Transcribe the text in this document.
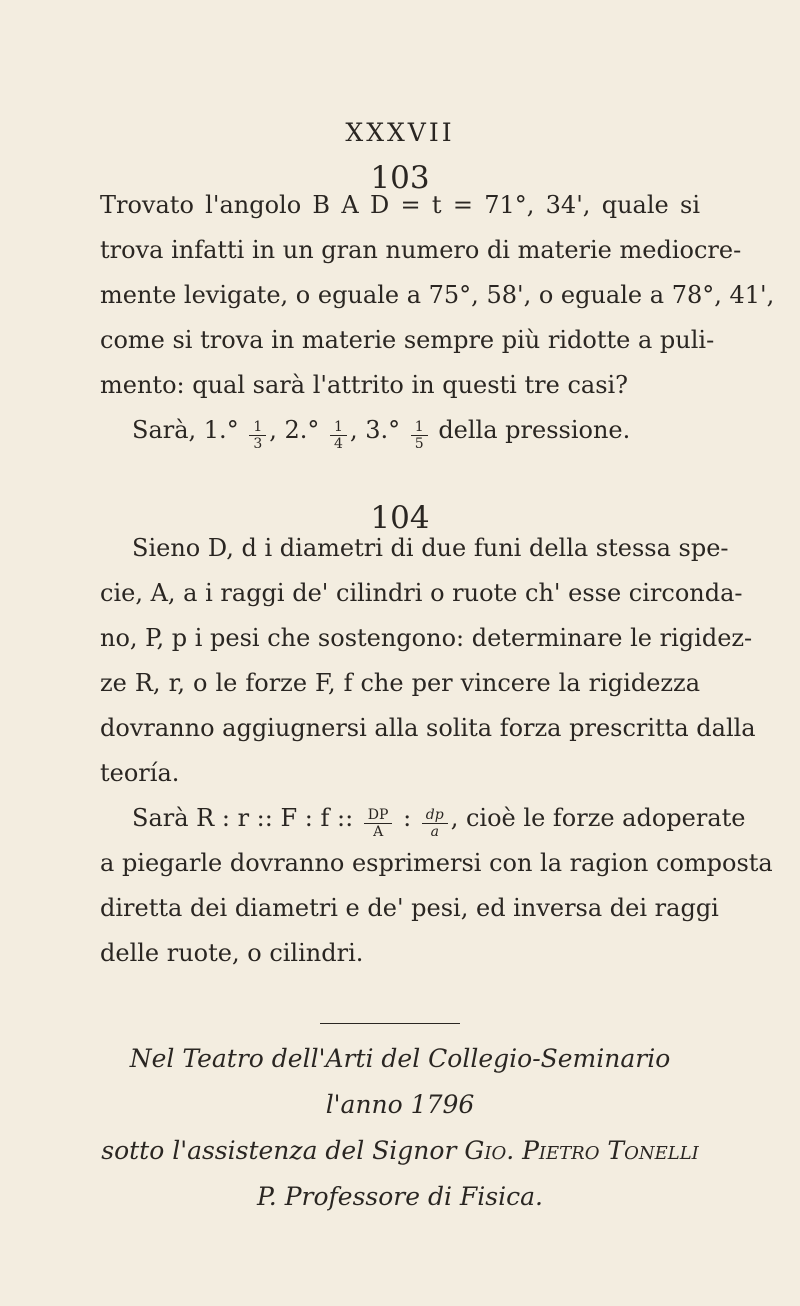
XXXVII
103
Trovato l'angolo B A D = t = 71°, 34', quale si
trova infatti in un gran numero di materie mediocre-
mente levigate, o eguale a 75°, 58', o eguale a 78°, 41',
come si trova in materie sempre più ridotte a puli-
mento: qual sarà l'attrito in questi tre casi?
Sarà, $1.^\circ \frac{1}{3}$ , $2.^\circ \frac{1}{4}$ , $3.^\circ \frac{1}{5}$ della pressione.
104
Sieno D, d i diametri di due funi della stessa spe-
cie, A, a i raggi de' cilindri o ruote ch' esse circonda-
no, P, p i pesi che sostengono: determinare le rigidez-
ze R, r, o le forze F, f che per vincere la rigidezza
dovranno aggiugnersi alla solita forza prescritta dalla
teoría.
Sarà R : r :: F : f :: $\frac{DP}{A}$ : $\frac{dp}{a}$ , cioè le forze adoperate
a piegarle dovranno esprimersi con la ragion composta
diretta dei diametri e de' pesi, ed inversa dei raggi
delle ruote, o cilindri.
Nel Teatro dell'Arti del Collegio-Seminario
l'anno 1796
sotto l'assistenza del Signor Gio. Pietro Tonelli
P. Professore di Fisica.
